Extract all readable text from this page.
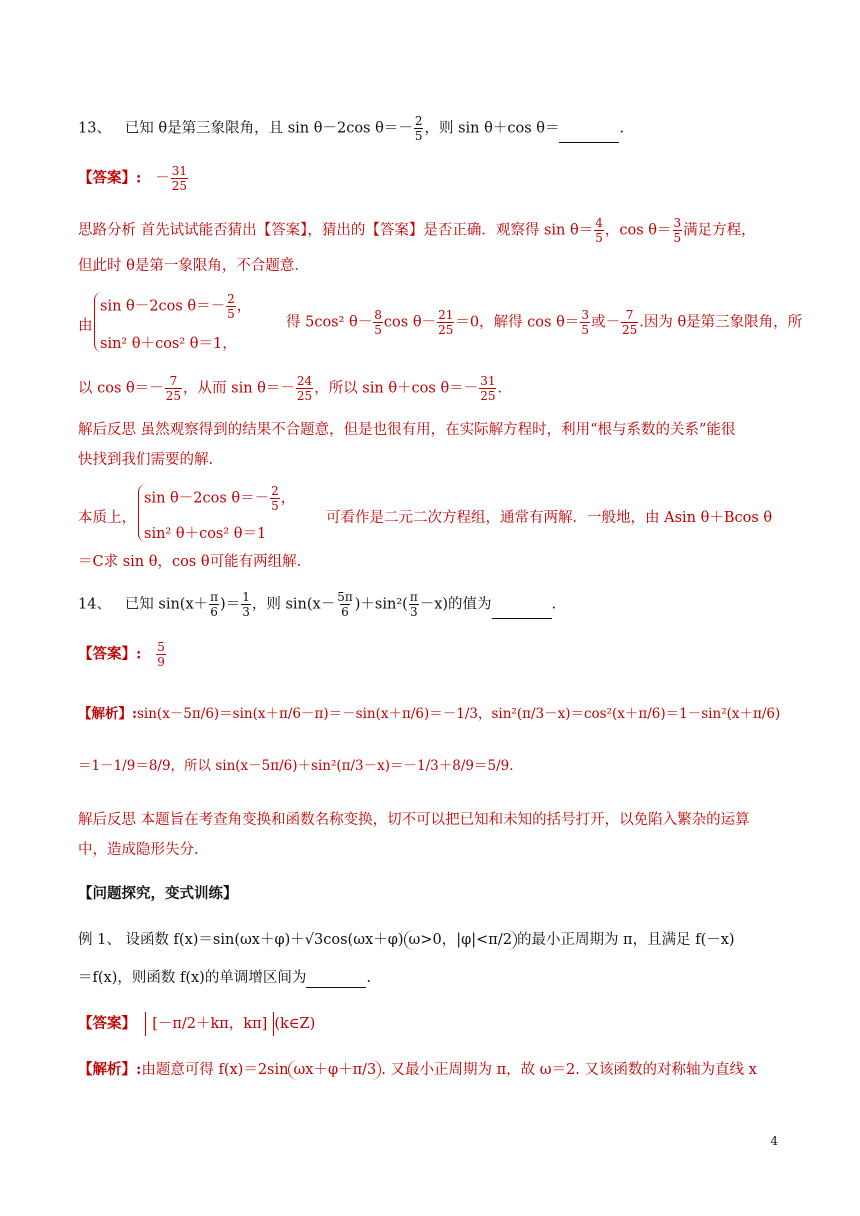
13、 已知 θ是第三象限角，且 sin θ－2cos $\theta=- \frac{2}{5}$ ，则 sin θ＋cos θ＝	.
【答案】: － $\frac{31}{25}$
思路分析 首先试试能否猜出【答案】，猜出的【答案】是否正确．观察得 $\sin \theta= \frac{4}{5}$ ，$\cos \theta= \frac{3}{5}$ 满足方程，
但此时 θ是第一象限角，不合题意．
由
sin θ－2cos $\theta=- \frac{2}{5}$ ，
sin² θ＋cos² θ＝1，
得 5cos² $\theta- \frac{8}{5}$ $\cos \theta- \frac{21}{25} =0$，解得 $\cos \theta= \frac{3}{5}$ 或－ $\frac{7}{25}$ .因为 θ是第三象限角，所
以 $\cos \theta=- \frac{7}{25}$ ，从而 $\sin \theta=- \frac{24}{25}$ ，所以 sin θ＋cos $\theta=- \frac{31}{25}$ .
解后反思 虽然观察得到的结果不合题意，但是也很有用，在实际解方程时，利用“根与系数的关系”能很
快找到我们需要的解.
本质上，
sin θ－2cos $\theta=- \frac{2}{5}$ ，
sin² θ＋cos² θ＝1
可看作是二元二次方程组，通常有两解．一般地，由 Asin θ＋Bcos θ
＝C求 sin θ，cos θ可能有两组解.
14、 已知 $\sin(x+ \frac{\pi}{6}$ )＝ $\frac{1}{3}$ ，则 $\sin(x- \frac{5\pi}{6} )+\sin^2( \frac{\pi}{3} -x)$的值为	.
【答案】: $\frac{5}{9}$
【解析】:sin(x－5π/6)＝sin(x＋π/6－π)＝－sin(x＋π/6)＝－1/3，sin²(π/3－x)＝cos²(x＋π/6)＝1－sin²(x＋π/6)
＝1－1/9＝8/9，所以 sin(x－5π/6)＋sin²(π/3－x)＝－1/3＋8/9＝5/9.
解后反思 本题旨在考查角变换和函数名称变换，切不可以把已知和未知的括号打开，以免陷入繁杂的运算
中，造成隐形失分.
【问题探究，变式训练】
例 1、 设函数 f(x)＝sin(ωx＋φ)＋√3cos(ωx＋φ) ω>0，|φ|<π/2 的最小正周期为 π，且满足 f(－x)
＝f(x)，则函数 f(x)的单调增区间为	.
【答案】 [－π/2＋kπ，kπ] (k∈Z)
【解析】:由题意可得 f(x)＝2sin ωx＋φ＋π/3 . 又最小正周期为 π，故 ω＝2. 又该函数的对称轴为直线 x
4
